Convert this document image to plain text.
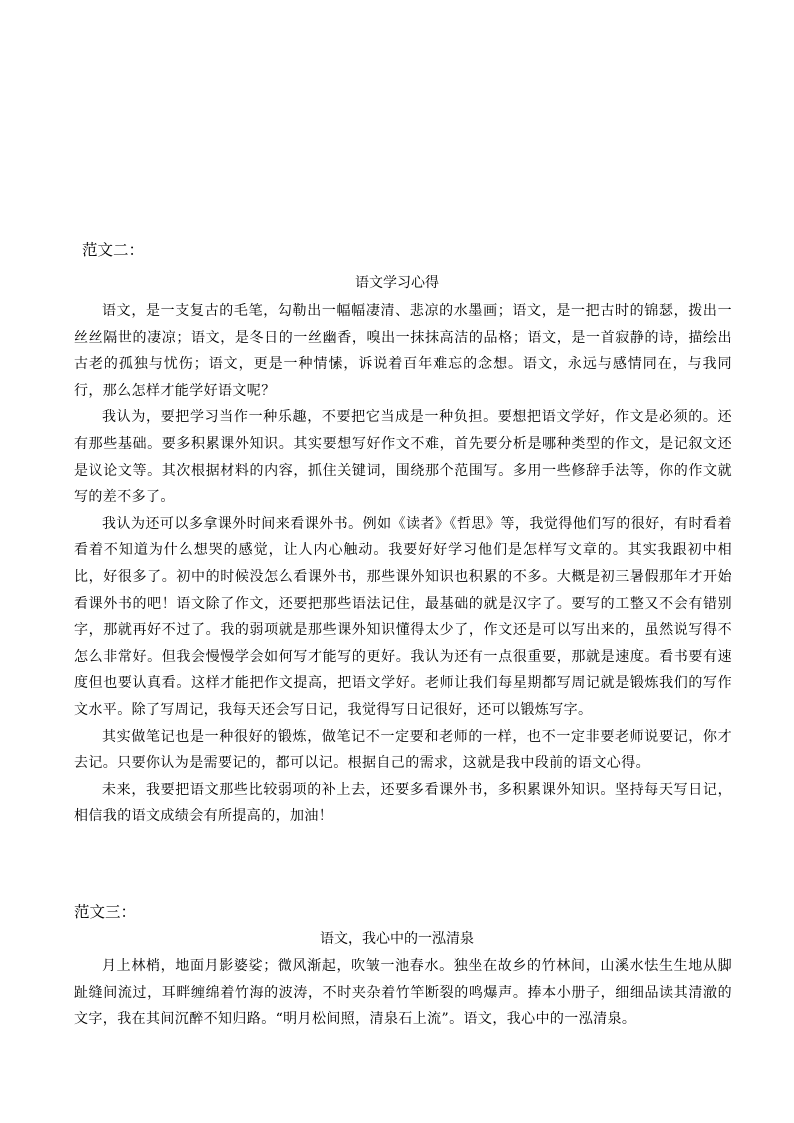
范文二：

语文学习心得

语文，是一支复古的毛笔，勾勒出一幅幅凄清、悲凉的水墨画；语文，是一把古时的锦瑟，拨出一丝丝隔世的凄凉；语文，是冬日的一丝幽香，嗅出一抹抹高洁的品格；语文，是一首寂静的诗，描绘出古老的孤独与忧伤；语文，更是一种情愫，诉说着百年难忘的念想。语文，永远与感情同在，与我同行，那么怎样才能学好语文呢？

我认为，要把学习当作一种乐趣，不要把它当成是一种负担。要想把语文学好，作文是必须的。还有那些基础。要多积累课外知识。其实要想写好作文不难，首先要分析是哪种类型的作文，是记叙文还是议论文等。其次根据材料的内容，抓住关键词，围绕那个范围写。多用一些修辞手法等，你的作文就写的差不多了。

我认为还可以多拿课外时间来看课外书。例如《读者》《哲思》等，我觉得他们写的很好，有时看着看着不知道为什么想哭的感觉，让人内心触动。我要好好学习他们是怎样写文章的。其实我跟初中相比，好很多了。初中的时候没怎么看课外书，那些课外知识也积累的不多。大概是初三暑假那年才开始看课外书的吧！语文除了作文，还要把那些语法记住，最基础的就是汉字了。要写的工整又不会有错别字，那就再好不过了。我的弱项就是那些课外知识懂得太少了，作文还是可以写出来的，虽然说写得不怎么非常好。但我会慢慢学会如何写才能写的更好。我认为还有一点很重要，那就是速度。看书要有速度但也要认真看。这样才能把作文提高，把语文学好。老师让我们每星期都写周记就是锻炼我们的写作文水平。除了写周记，我每天还会写日记，我觉得写日记很好，还可以锻炼写字。

其实做笔记也是一种很好的锻炼，做笔记不一定要和老师的一样，也不一定非要老师说要记，你才去记。只要你认为是需要记的，都可以记。根据自己的需求，这就是我中段前的语文心得。

未来，我要把语文那些比较弱项的补上去，还要多看课外书，多积累课外知识。坚持每天写日记，相信我的语文成绩会有所提高的，加油！

范文三：

语文，我心中的一泓清泉

月上林梢，地面月影婆娑；微风渐起，吹皱一池春水。独坐在故乡的竹林间，山溪水怯生生地从脚趾缝间流过，耳畔缠绵着竹海的波涛，不时夹杂着竹竿断裂的鸣爆声。捧本小册子，细细品读其清澈的文字，我在其间沉醉不知归路。“明月松间照，清泉石上流”。语文，我心中的一泓清泉。
